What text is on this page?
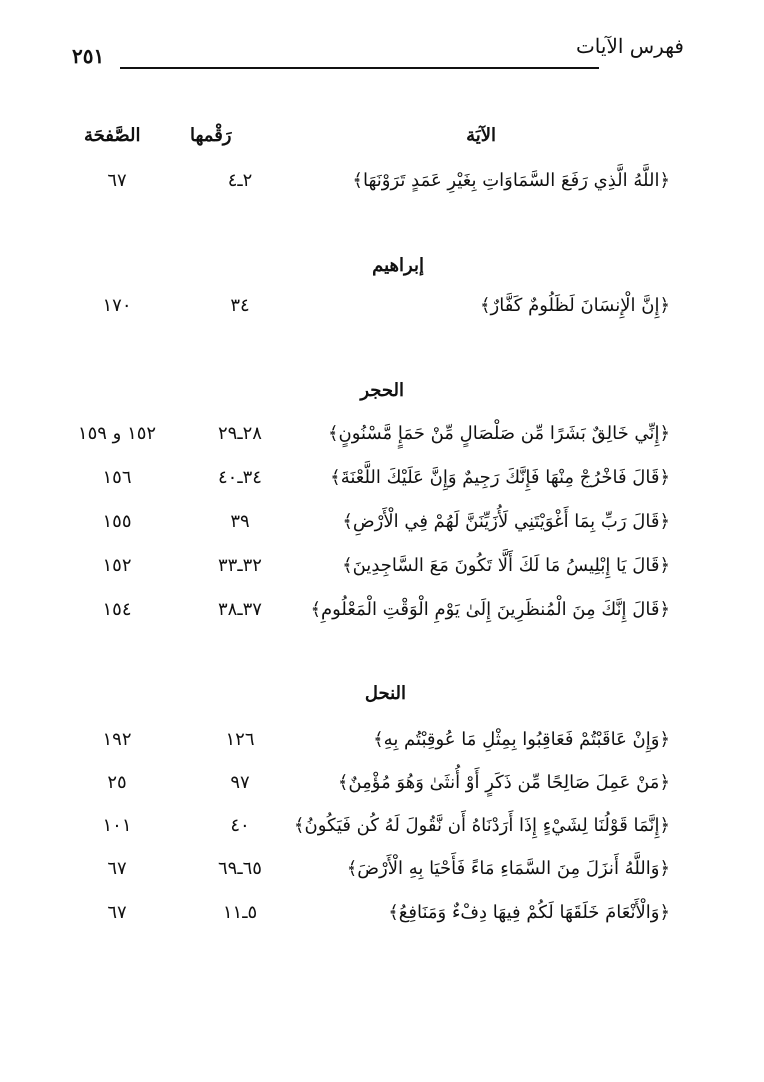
فهرس الآيات
٢٥١
الآيَة
رَقْمها
الصَّفحَة
﴿اللَّهُ الَّذِي رَفَعَ السَّمَاوَاتِ بِغَيْرِ عَمَدٍ تَرَوْنَهَا﴾
٢ـ٤
٦٧
إبراهيم
﴿إِنَّ الْإِنسَانَ لَظَلُومٌ كَفَّارٌ﴾
٣٤
١٧٠
الحجر
﴿إِنِّي خَالِقٌ بَشَرًا مِّن صَلْصَالٍ مِّنْ حَمَإٍ مَّسْنُونٍ﴾
٢٨ـ٢٩
١٥٢ و ١٥٩
﴿قَالَ فَاخْرُجْ مِنْهَا فَإِنَّكَ رَجِيمٌ وَإِنَّ عَلَيْكَ اللَّعْنَةَ﴾
٣٤ـ٤٠
١٥٦
﴿قَالَ رَبِّ بِمَا أَغْوَيْتَنِي لَأُزَيِّنَنَّ لَهُمْ فِي الْأَرْضِ﴾
٣٩
١٥٥
﴿قَالَ يَا إِبْلِيسُ مَا لَكَ أَلَّا تَكُونَ مَعَ السَّاجِدِينَ﴾
٣٢ـ٣٣
١٥٢
﴿قَالَ إِنَّكَ مِنَ الْمُنظَرِينَ إِلَىٰ يَوْمِ الْوَقْتِ الْمَعْلُومِ﴾
٣٧ـ٣٨
١٥٤
النحل
﴿وَإِنْ عَاقَبْتُمْ فَعَاقِبُوا بِمِثْلِ مَا عُوقِبْتُم بِهِ﴾
١٢٦
١٩٢
﴿مَنْ عَمِلَ صَالِحًا مِّن ذَكَرٍ أَوْ أُنثَىٰ وَهُوَ مُؤْمِنٌ﴾
٩٧
٢٥
﴿إِنَّمَا قَوْلُنَا لِشَيْءٍ إِذَا أَرَدْنَاهُ أَن نَّقُولَ لَهُ كُن فَيَكُونُ﴾
٤٠
١٠١
﴿وَاللَّهُ أَنزَلَ مِنَ السَّمَاءِ مَاءً فَأَحْيَا بِهِ الْأَرْضَ﴾
٦٥ـ٦٩
٦٧
﴿وَالْأَنْعَامَ خَلَقَهَا لَكُمْ فِيهَا دِفْءٌ وَمَنَافِعُ﴾
٥ـ١١
٦٧
